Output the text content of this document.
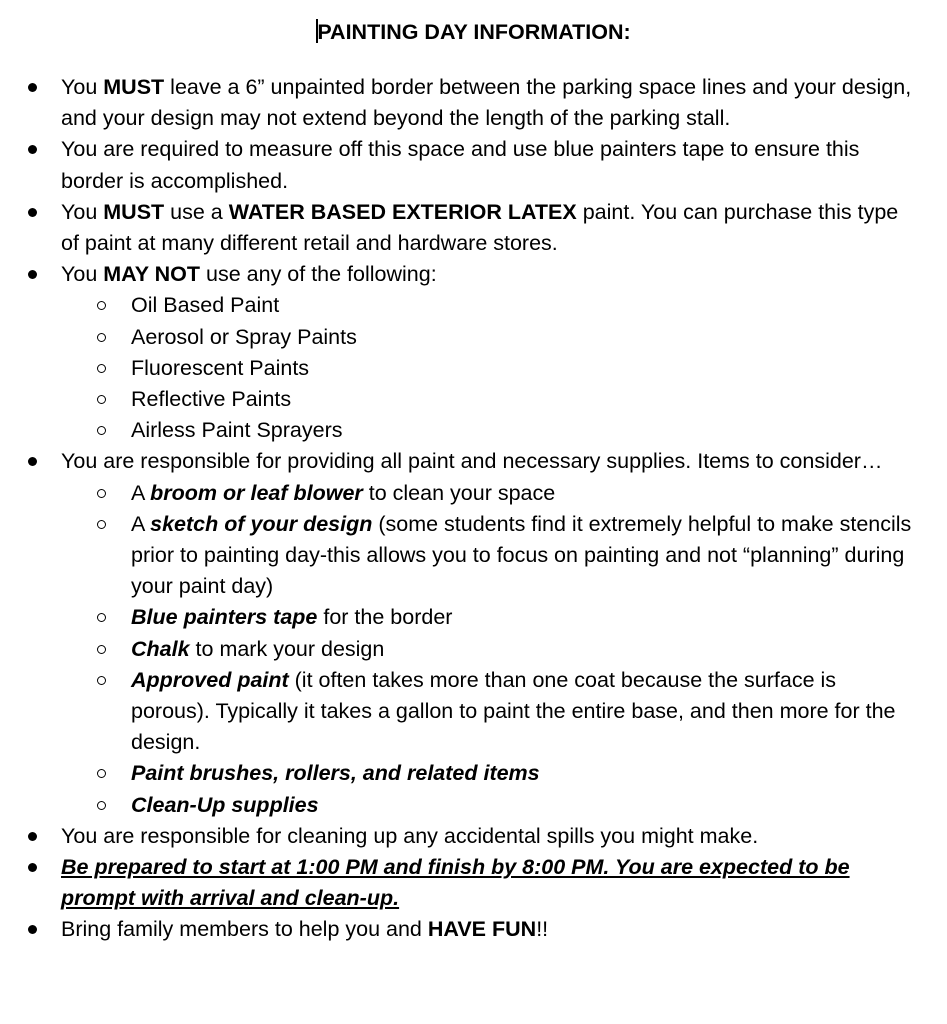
PAINTING DAY INFORMATION:
You MUST leave a 6” unpainted border between the parking space lines and your design, and your design may not extend beyond the length of the parking stall.
You are required to measure off this space and use blue painters tape to ensure this border is accomplished.
You MUST use a WATER BASED EXTERIOR LATEX paint. You can purchase this type of paint at many different retail and hardware stores.
You MAY NOT use any of the following:
Oil Based Paint
Aerosol or Spray Paints
Fluorescent Paints
Reflective Paints
Airless Paint Sprayers
You are responsible for providing all paint and necessary supplies. Items to consider…
A broom or leaf blower to clean your space
A sketch of your design (some students find it extremely helpful to make stencils prior to painting day-this allows you to focus on painting and not “planning” during your paint day)
Blue painters tape for the border
Chalk to mark your design
Approved paint (it often takes more than one coat because the surface is porous). Typically it takes a gallon to paint the entire base, and then more for the design.
Paint brushes, rollers, and related items
Clean-Up supplies
You are responsible for cleaning up any accidental spills you might make.
Be prepared to start at 1:00 PM and finish by 8:00 PM. You are expected to be prompt with arrival and clean-up.
Bring family members to help you and HAVE FUN!!
